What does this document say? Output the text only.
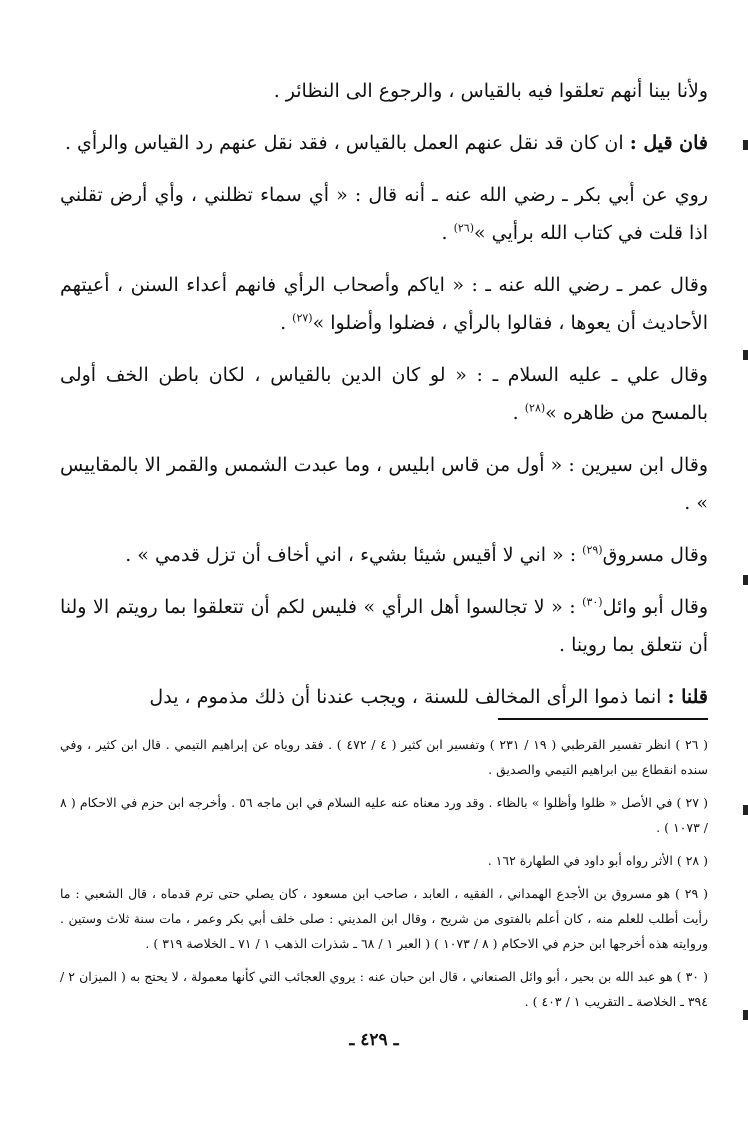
ولأنا بينا أنهم تعلقوا فيه بالقياس ، والرجوع الى النظائر .

فان قيل : ان كان قد نقل عنهم العمل بالقياس ، فقد نقل عنهم رد القياس والرأي .

روي عن أبي بكر ـ رضي الله عنه ـ أنه قال : « أي سماء تظلني ، وأي أرض تقلني اذا قلت في كتاب الله برأيي »$^{(٢٦)}$ .

وقال عمر ـ رضي الله عنه ـ : « اياكم وأصحاب الرأي فانهم أعداء السنن ، أعيتهم الأحاديث أن يعوها ، فقالوا بالرأي ، فضلوا وأضلوا »$^{(٢٧)}$ .

وقال علي ـ عليه السلام ـ : « لو كان الدين بالقياس ، لكان باطن الخف أولى بالمسح من ظاهره »$^{(٢٨)}$ .

وقال ابن سيرين : « أول من قاس ابليس ، وما عبدت الشمس والقمر الا بالمقاييس » .

وقال مسروق$^{(٢٩)}$ : « اني لا أقيس شيئا بشيء ، اني أخاف أن تزل قدمي » .

وقال أبو وائل$^{(٣٠)}$ : « لا تجالسوا أهل الرأي » فليس لكم أن تتعلقوا بما رويتم الا ولنا أن نتعلق بما روينا .

قلنا : انما ذموا الرأى المخالف للسنة ، ويجب عندنا أن ذلك مذموم ، يدل

( ٢٦ ) انظر تفسير القرطبي ( ١٩ / ٢٣١ ) وتفسير ابن كثير ( ٤ / ٤٧٢ ) . فقد روياه عن إبراهيم التيمي . قال ابن كثير ، وفي سنده انقطاع بين ابراهيم التيمي والصديق .

( ٢٧ ) في الأصل « ظلوا وأظلوا » بالظاء . وقد ورد معناه عنه عليه السلام في ابن ماجه ٥٦ . وأخرجه ابن حزم في الاحكام ( ٨ / ١٠٧٣ ) .

( ٢٨ ) الأثر رواه أبو داود في الطهارة ١٦٢ .

( ٢٩ ) هو مسروق بن الأجدع الهمداني ، الفقيه ، العابد ، صاحب ابن مسعود ، كان يصلي حتى ترم قدماه ، قال الشعبي : ما رأيت أطلب للعلم منه ، كان أعلم بالفتوى من شريح ، وقال ابن المديني : صلى خلف أبي بكر وعمر ، مات سنة ثلاث وستين . وروايته هذه أخرجها ابن حزم في الاحكام ( ٨ / ١٠٧٣ ) ( العبر ١ / ٦٨ ـ شذرات الذهب ١ / ٧١ ـ الخلاصة ٣١٩ ) .

( ٣٠ ) هو عبد الله بن بحير ، أبو وائل الصنعاني ، قال ابن حبان عنه : يروي العجائب التي كأنها معمولة ، لا يحتج به ( الميزان ٢ / ٣٩٤ ـ الخلاصة ـ التقريب ١ / ٤٠٣ ) .

ـ ٤٢٩ ـ
